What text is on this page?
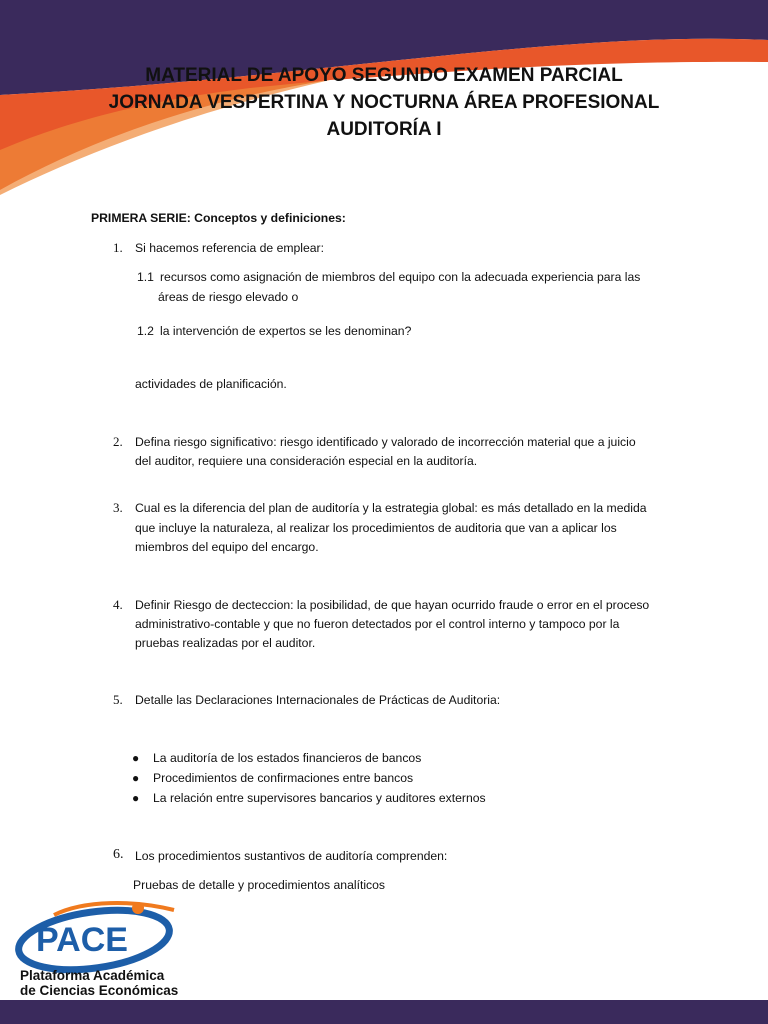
MATERIAL DE APOYO SEGUNDO EXAMEN PARCIAL
JORNADA VESPERTINA Y NOCTURNA ÁREA PROFESIONAL
AUDITORÍA I
PRIMERA SERIE: Conceptos y definiciones:
1. Si hacemos referencia de emplear:
1.1 recursos como asignación de miembros del equipo con la adecuada experiencia para las
áreas de riesgo elevado o
1.2 la intervención de expertos se les denominan?
actividades de planificación.
2. Defina riesgo significativo: riesgo identificado y valorado de incorrección material que a juicio
del auditor, requiere una consideración especial en la auditoría.
3. Cual es la diferencia del plan de auditoría y la estrategia global: es más detallado en la medida
que incluye la naturaleza, al realizar los procedimientos de auditoria que van a aplicar los
miembros del equipo del encargo.
4. Definir Riesgo de decteccion: la posibilidad, de que hayan ocurrido fraude o error en el proceso
administrativo-contable y que no fueron detectados por el control interno y tampoco por la
pruebas realizadas por el auditor.
5. Detalle las Declaraciones Internacionales de Prácticas de Auditoria:
● La auditoría de los estados financieros de bancos
● Procedimientos de confirmaciones entre bancos
● La relación entre supervisores bancarios y auditores externos
6. Los procedimientos sustantivos de auditoría comprenden:
Pruebas de detalle y procedimientos analíticos
PACE
Plataforma Académica
de Ciencias Económicas
